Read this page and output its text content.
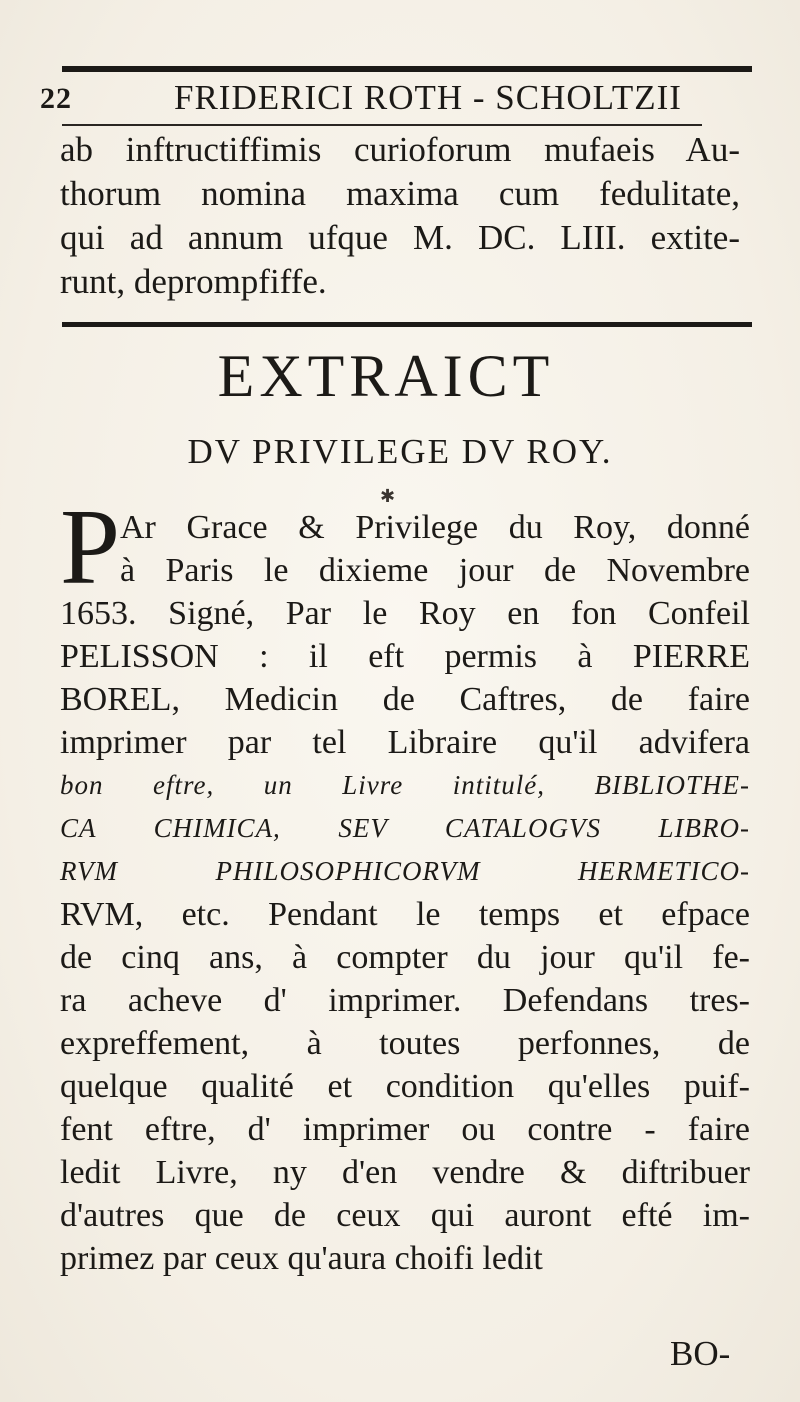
22	FRIDERICI ROTH - SCHOLTZII
ab inftructiffimis curioforum mufaeis Au-
thorum nomina maxima cum fedulitate,
qui ad annum ufque M. DC. LIII. extite-
runt, deprompfiffe.
EXTRAICT
DV PRIVILEGE DV ROY.
✱
P Ar Grace & Privilege du Roy, donné
à Paris le dixieme jour de Novembre
1653. Signé, Par le Roy en fon Confeil
PELISSON : il eft permis à PIERRE
BOREL, Medicin de Caftres, de faire
imprimer par tel Libraire qu'il advifera
bon eftre, un Livre intitulé, BIBLIOTHE-
CA CHIMICA, SEV CATALOGVS LIBRO-
RVM PHILOSOPHICORVM HERMETICO-
RVM, etc. Pendant le temps et efpace
de cinq ans, à compter du jour qu'il fe-
ra acheve d' imprimer. Defendans tres-
expreffement, à toutes perfonnes, de
quelque qualité et condition qu'elles puif-
fent eftre, d' imprimer ou contre - faire
ledit Livre, ny d'en vendre & diftribuer
d'autres que de ceux qui auront efté im-
primez par ceux qu'aura choifi ledit
BO-
